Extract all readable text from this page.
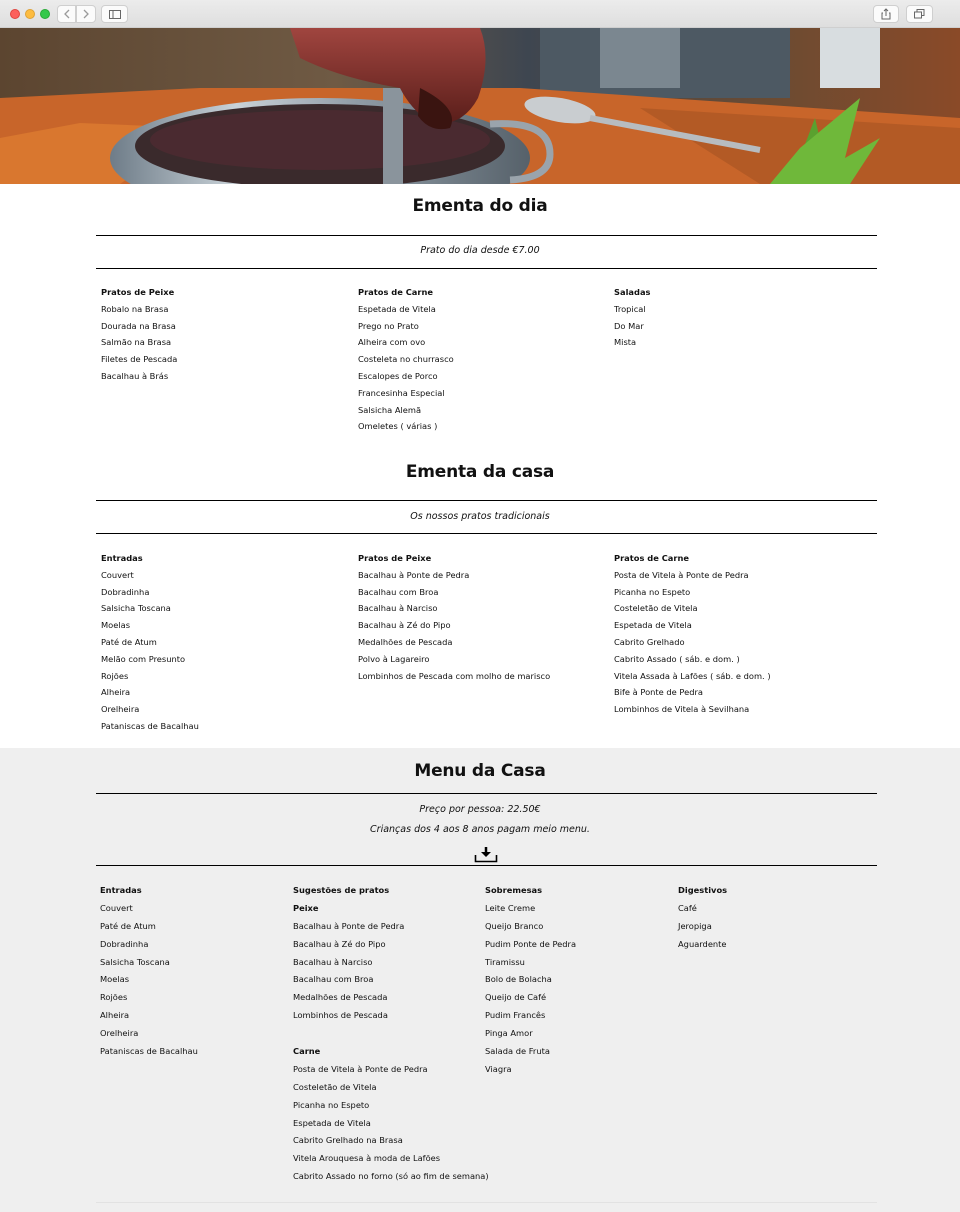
Ementa do dia
Prato do dia desde €7.00
Pratos de Peixe
Robalo na Brasa
Dourada na Brasa
Salmão na Brasa
Filetes de Pescada
Bacalhau à Brás
Pratos de Carne
Espetada de Vitela
Prego no Prato
Alheira com ovo
Costeleta no churrasco
Escalopes de Porco
Francesinha Especial
Salsicha Alemã
Omeletes ( várias )
Saladas
Tropical
Do Mar
Mista
Ementa da casa
Os nossos pratos tradicionais
Entradas
Couvert
Dobradinha
Salsicha Toscana
Moelas
Paté de Atum
Melão com Presunto
Rojões
Alheira
Orelheira
Pataniscas de Bacalhau
Pratos de Peixe
Bacalhau à Ponte de Pedra
Bacalhau com Broa
Bacalhau à Narciso
Bacalhau à Zé do Pipo
Medalhões de Pescada
Polvo à Lagareiro
Lombinhos de Pescada com molho de marisco
Pratos de Carne
Posta de Vitela à Ponte de Pedra
Picanha no Espeto
Costeletão de Vitela
Espetada de Vitela
Cabrito Grelhado
Cabrito Assado ( sáb. e dom. )
Vitela Assada à Lafões ( sáb. e dom. )
Bife à Ponte de Pedra
Lombinhos de Vitela à Sevilhana
Menu da Casa
Preço por pessoa: 22.50€
Crianças dos 4 aos 8 anos pagam meio menu.
Entradas
Couvert
Paté de Atum
Dobradinha
Salsicha Toscana
Moelas
Rojões
Alheira
Orelheira
Pataniscas de Bacalhau
Sugestões de pratos
Peixe
Bacalhau à Ponte de Pedra
Bacalhau à Zé do Pipo
Bacalhau à Narciso
Bacalhau com Broa
Medalhões de Pescada
Lombinhos de Pescada
Carne
Posta de Vitela à Ponte de Pedra
Costeletão de Vitela
Picanha no Espeto
Espetada de Vitela
Cabrito Grelhado na Brasa
Vitela Arouquesa à moda de Lafões
Cabrito Assado no forno (só ao fim de semana)
Sobremesas
Leite Creme
Queijo Branco
Pudim Ponte de Pedra
Tiramissu
Bolo de Bolacha
Queijo de Café
Pudim Francês
Pinga Amor
Salada de Fruta
Viagra
Digestivos
Café
Jeropiga
Aguardente
